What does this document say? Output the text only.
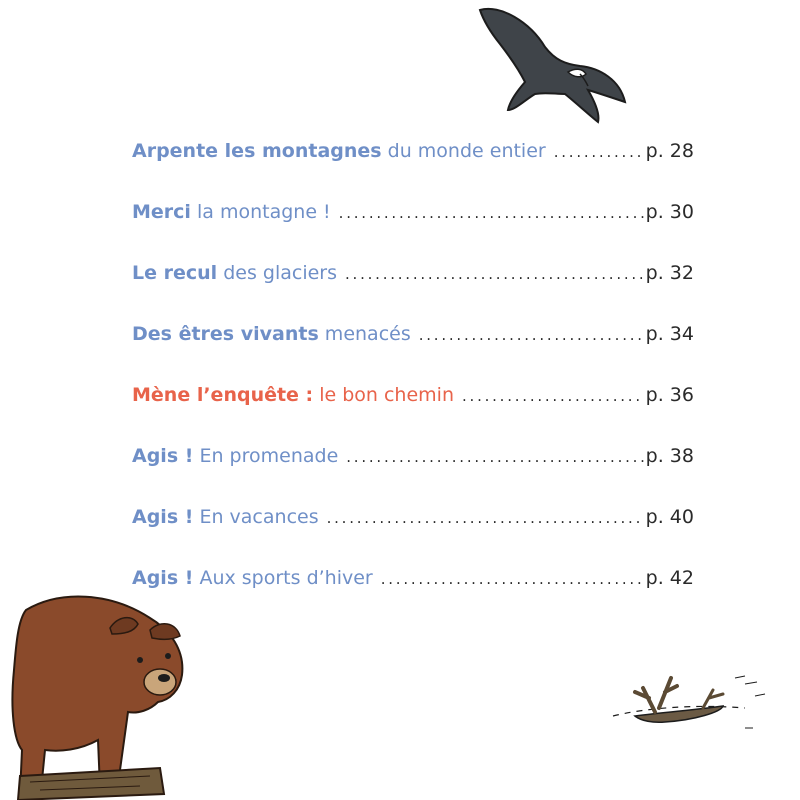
Arpente les montagnes du monde entier . . .	p. 28
Merci la montagne ! . . .	p. 30
Le recul des glaciers . . .	p. 32
Des êtres vivants menacés . . .	p. 34
Mène l’enquête : le bon chemin . . .	p. 36
Agis ! En promenade . . .	p. 38
Agis ! En vacances . . .	p. 40
Agis ! Aux sports d’hiver . . .	p. 42
